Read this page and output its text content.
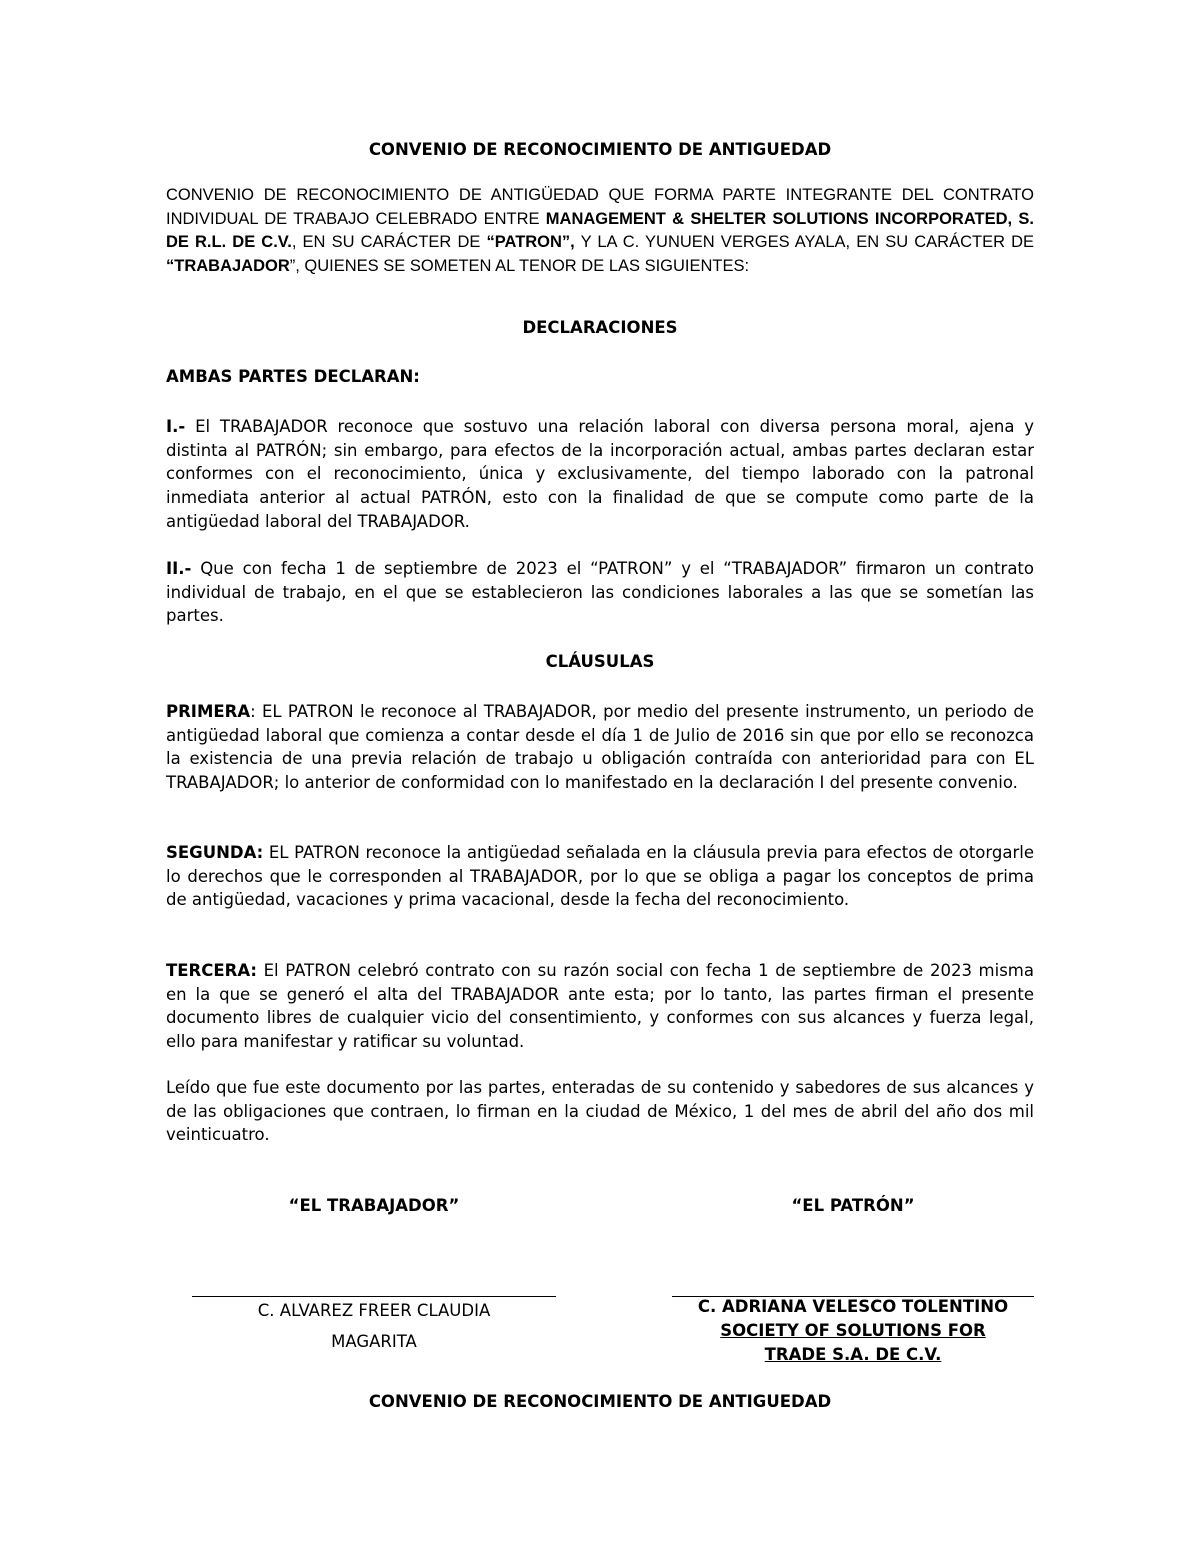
CONVENIO DE RECONOCIMIENTO DE ANTIGUEDAD

CONVENIO DE RECONOCIMIENTO DE ANTIGÜEDAD QUE FORMA PARTE INTEGRANTE DEL CONTRATO INDIVIDUAL DE TRABAJO CELEBRADO ENTRE MANAGEMENT & SHELTER SOLUTIONS INCORPORATED, S. DE R.L. DE C.V., EN SU CARÁCTER DE “PATRON”, Y LA C. YUNUEN VERGES AYALA, EN SU CARÁCTER DE “TRABAJADOR”, QUIENES SE SOMETEN AL TENOR DE LAS SIGUIENTES:

DECLARACIONES

AMBAS PARTES DECLARAN:

I.- El TRABAJADOR reconoce que sostuvo una relación laboral con diversa persona moral, ajena y distinta al PATRÓN; sin embargo, para efectos de la incorporación actual, ambas partes declaran estar conformes con el reconocimiento, única y exclusivamente, del tiempo laborado con la patronal inmediata anterior al actual PATRÓN, esto con la finalidad de que se compute como parte de la antigüedad laboral del TRABAJADOR.

II.- Que con fecha 1 de septiembre de 2023 el “PATRON” y el “TRABAJADOR” firmaron un contrato individual de trabajo, en el que se establecieron las condiciones laborales a las que se sometían las partes.

CLÁUSULAS

PRIMERA: EL PATRON le reconoce al TRABAJADOR, por medio del presente instrumento, un periodo de antigüedad laboral que comienza a contar desde el día 1 de Julio de 2016 sin que por ello se reconozca la existencia de una previa relación de trabajo u obligación contraída con anterioridad para con EL TRABAJADOR; lo anterior de conformidad con lo manifestado en la declaración I del presente convenio.

SEGUNDA: EL PATRON reconoce la antigüedad señalada en la cláusula previa para efectos de otorgarle lo derechos que le corresponden al TRABAJADOR, por lo que se obliga a pagar los conceptos de prima de antigüedad, vacaciones y prima vacacional, desde la fecha del reconocimiento.

TERCERA: El PATRON celebró contrato con su razón social con fecha 1 de septiembre de 2023 misma en la que se generó el alta del TRABAJADOR ante esta; por lo tanto, las partes firman el presente documento libres de cualquier vicio del consentimiento, y conformes con sus alcances y fuerza legal, ello para manifestar y ratificar su voluntad.

Leído que fue este documento por las partes, enteradas de su contenido y sabedores de sus alcances y de las obligaciones que contraen, lo firman en la ciudad de México, 1 del mes de abril del año dos mil veinticuatro.

“EL TRABAJADOR”	“EL PATRÓN”

C. ALVAREZ FREER CLAUDIA

MAGARITA

C. ADRIANA VELESCO TOLENTINO

SOCIETY OF SOLUTIONS FOR

TRADE S.A. DE C.V.

CONVENIO DE RECONOCIMIENTO DE ANTIGUEDAD
